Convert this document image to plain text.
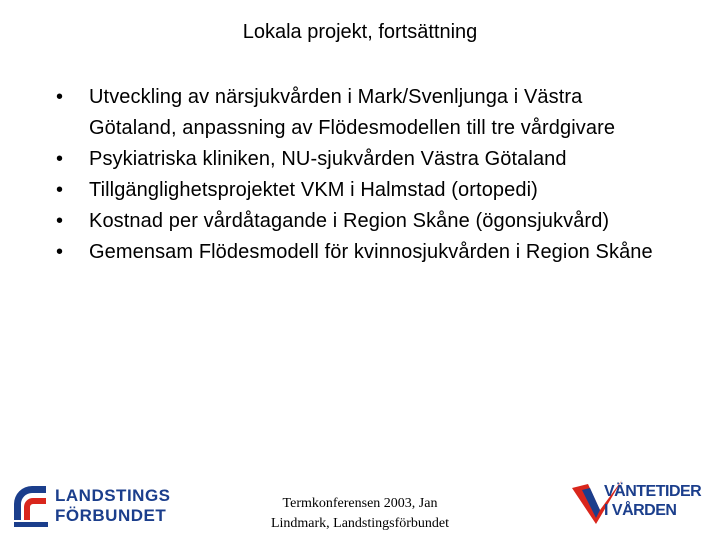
Lokala projekt, fortsättning
•	Utveckling av närsjukvården i Mark/Svenljunga i Västra Götaland, anpassning av Flödesmodellen till tre vårdgivare
•	Psykiatriska kliniken, NU-sjukvården Västra Götaland
•	Tillgänglighetsprojektet VKM i Halmstad (ortopedi)
•	Kostnad per vårdåtagande i Region Skåne (ögonsjukvård)
•	Gemensam Flödesmodell för kvinnosjukvården i Region Skåne
LANDSTINGS
FÖRBUNDET
Termkonferensen 2003, Jan
Lindmark, Landstingsförbundet
VÄNTETIDER
I VÅRDEN
